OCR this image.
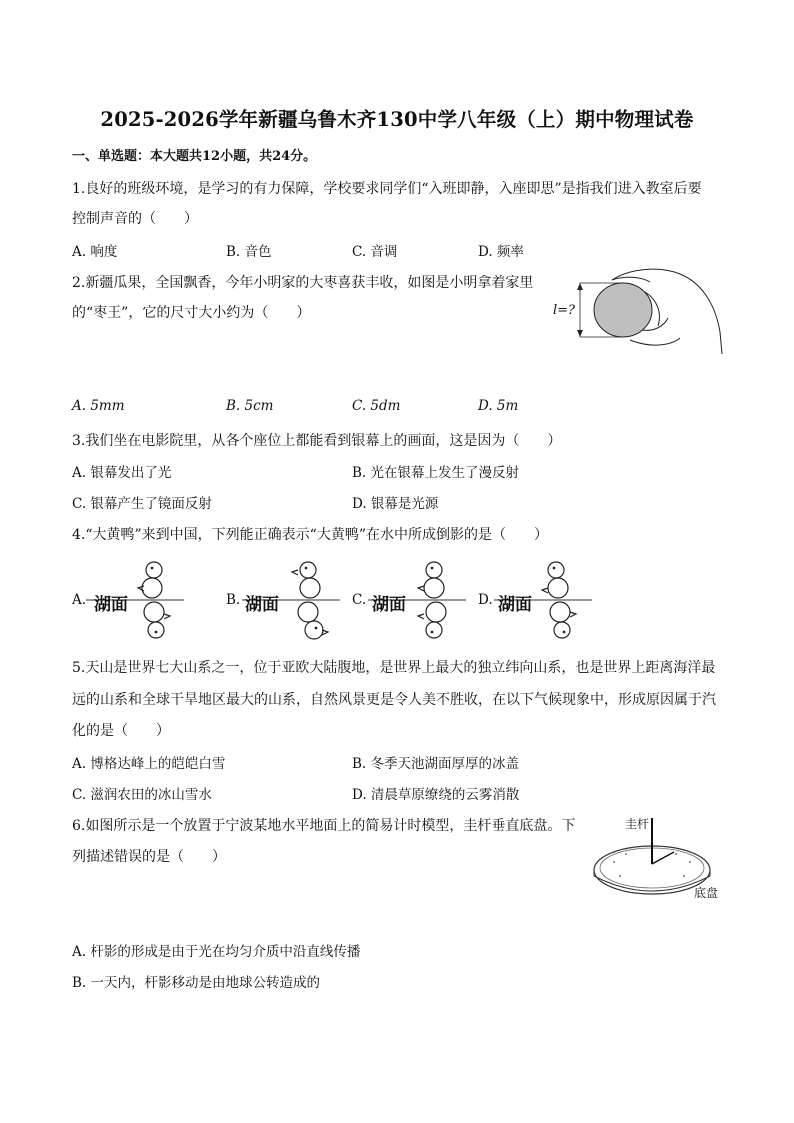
2025-2026学年新疆乌鲁木齐130中学八年级（上）期中物理试卷
一、单选题：本大题共12小题，共24分。
1.良好的班级环境，是学习的有力保障，学校要求同学们“入班即静，入座即思”是指我们进入教室后要
控制声音的（　　）
A. 响度	B. 音色	C. 音调	D. 频率
2.新疆瓜果，全国飘香，今年小明家的大枣喜获丰收，如图是小明拿着家里
的“枣王”，它的尺寸大小约为（　　）	l=?
A. 5mm	B. 5cm	C. 5dm	D. 5m
3.我们坐在电影院里，从各个座位上都能看到银幕上的画面，这是因为（　　）
A. 银幕发出了光	B. 光在银幕上发生了漫反射
C. 银幕产生了镜面反射	D. 银幕是光源
4.“大黄鸭”来到中国，下列能正确表示“大黄鸭”在水中所成倒影的是（　　）
A.	B.	C.	D.
湖面	湖面	湖面	湖面
5.天山是世界七大山系之一，位于亚欧大陆腹地，是世界上最大的独立纬向山系，也是世界上距离海洋最
远的山系和全球干旱地区最大的山系，自然风景更是令人美不胜收，在以下气候现象中，形成原因属于汽
化的是（　　）
A. 博格达峰上的皑皑白雪	B. 冬季天池湖面厚厚的冰盖
C. 滋润农田的冰山雪水	D. 清晨草原缭绕的云雾消散
6.如图所示是一个放置于宁波某地水平地面上的简易计时模型，圭杆垂直底盘。下
列描述错误的是（　　）
圭杆
底盘
A. 杆影的形成是由于光在均匀介质中沿直线传播
B. 一天内，杆影移动是由地球公转造成的
